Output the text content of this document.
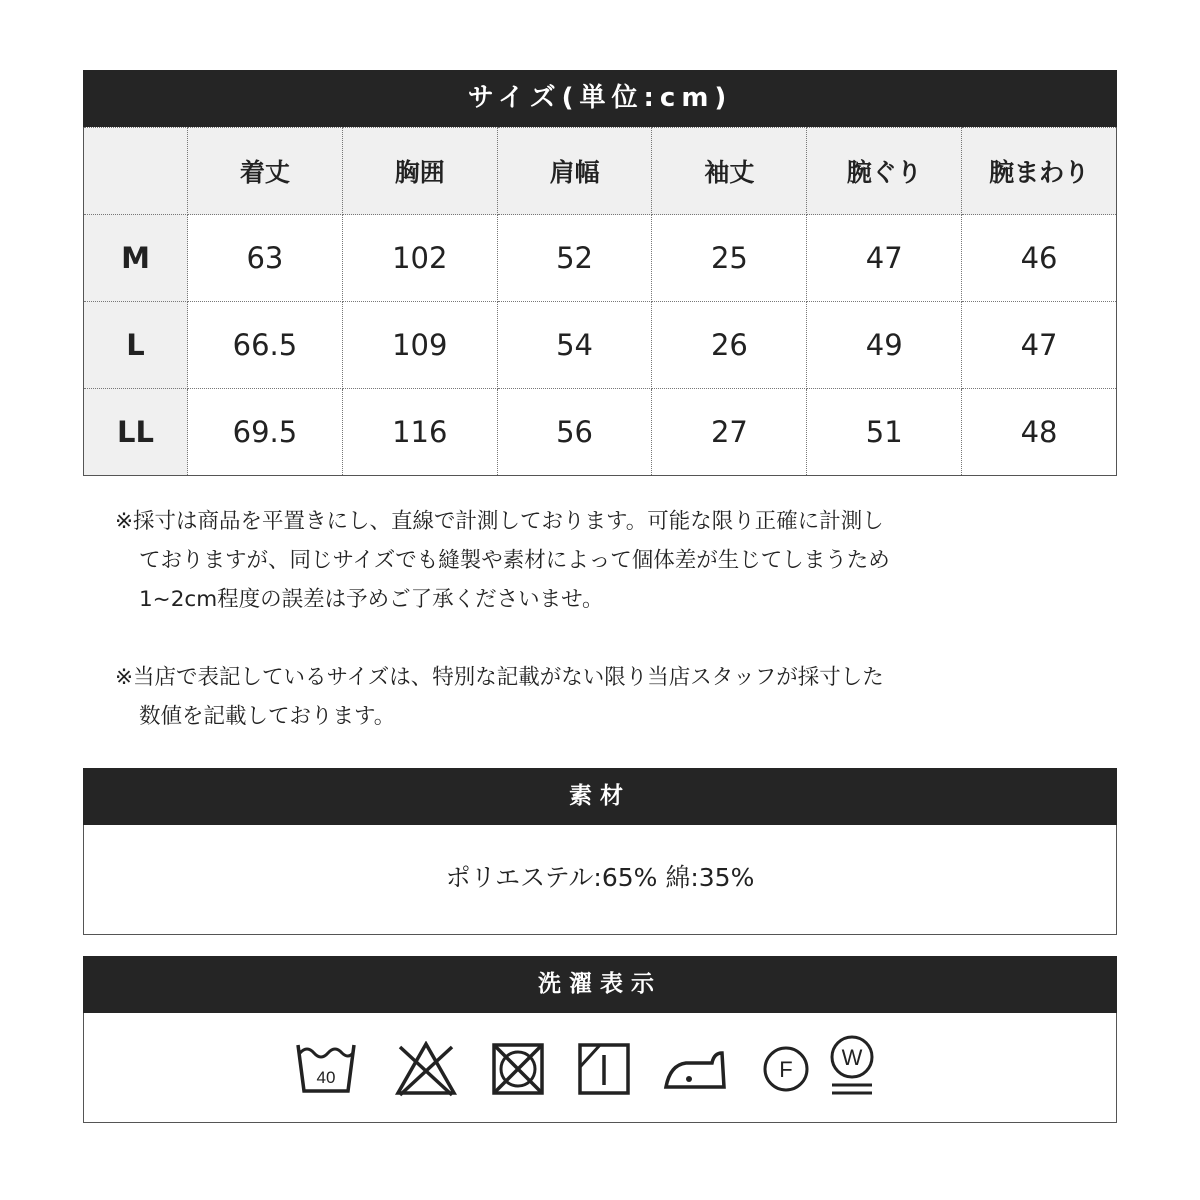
サイズ(単位:cm)
	着丈	胸囲	肩幅	袖丈	腕ぐり	腕まわり
M	63	102	52	25	47	46
L	66.5	109	54	26	49	47
LL	69.5	116	56	27	51	48
※採寸は商品を平置きにし、直線で計測しております。可能な限り正確に計測し
ておりますが、同じサイズでも縫製や素材によって個体差が生じてしまうため
1~2cm程度の誤差は予めご了承くださいませ。
※当店で表記しているサイズは、特別な記載がない限り当店スタッフが採寸した
数値を記載しております。
素材
ポリエステル:65% 綿:35%
洗濯表示
40	F W
